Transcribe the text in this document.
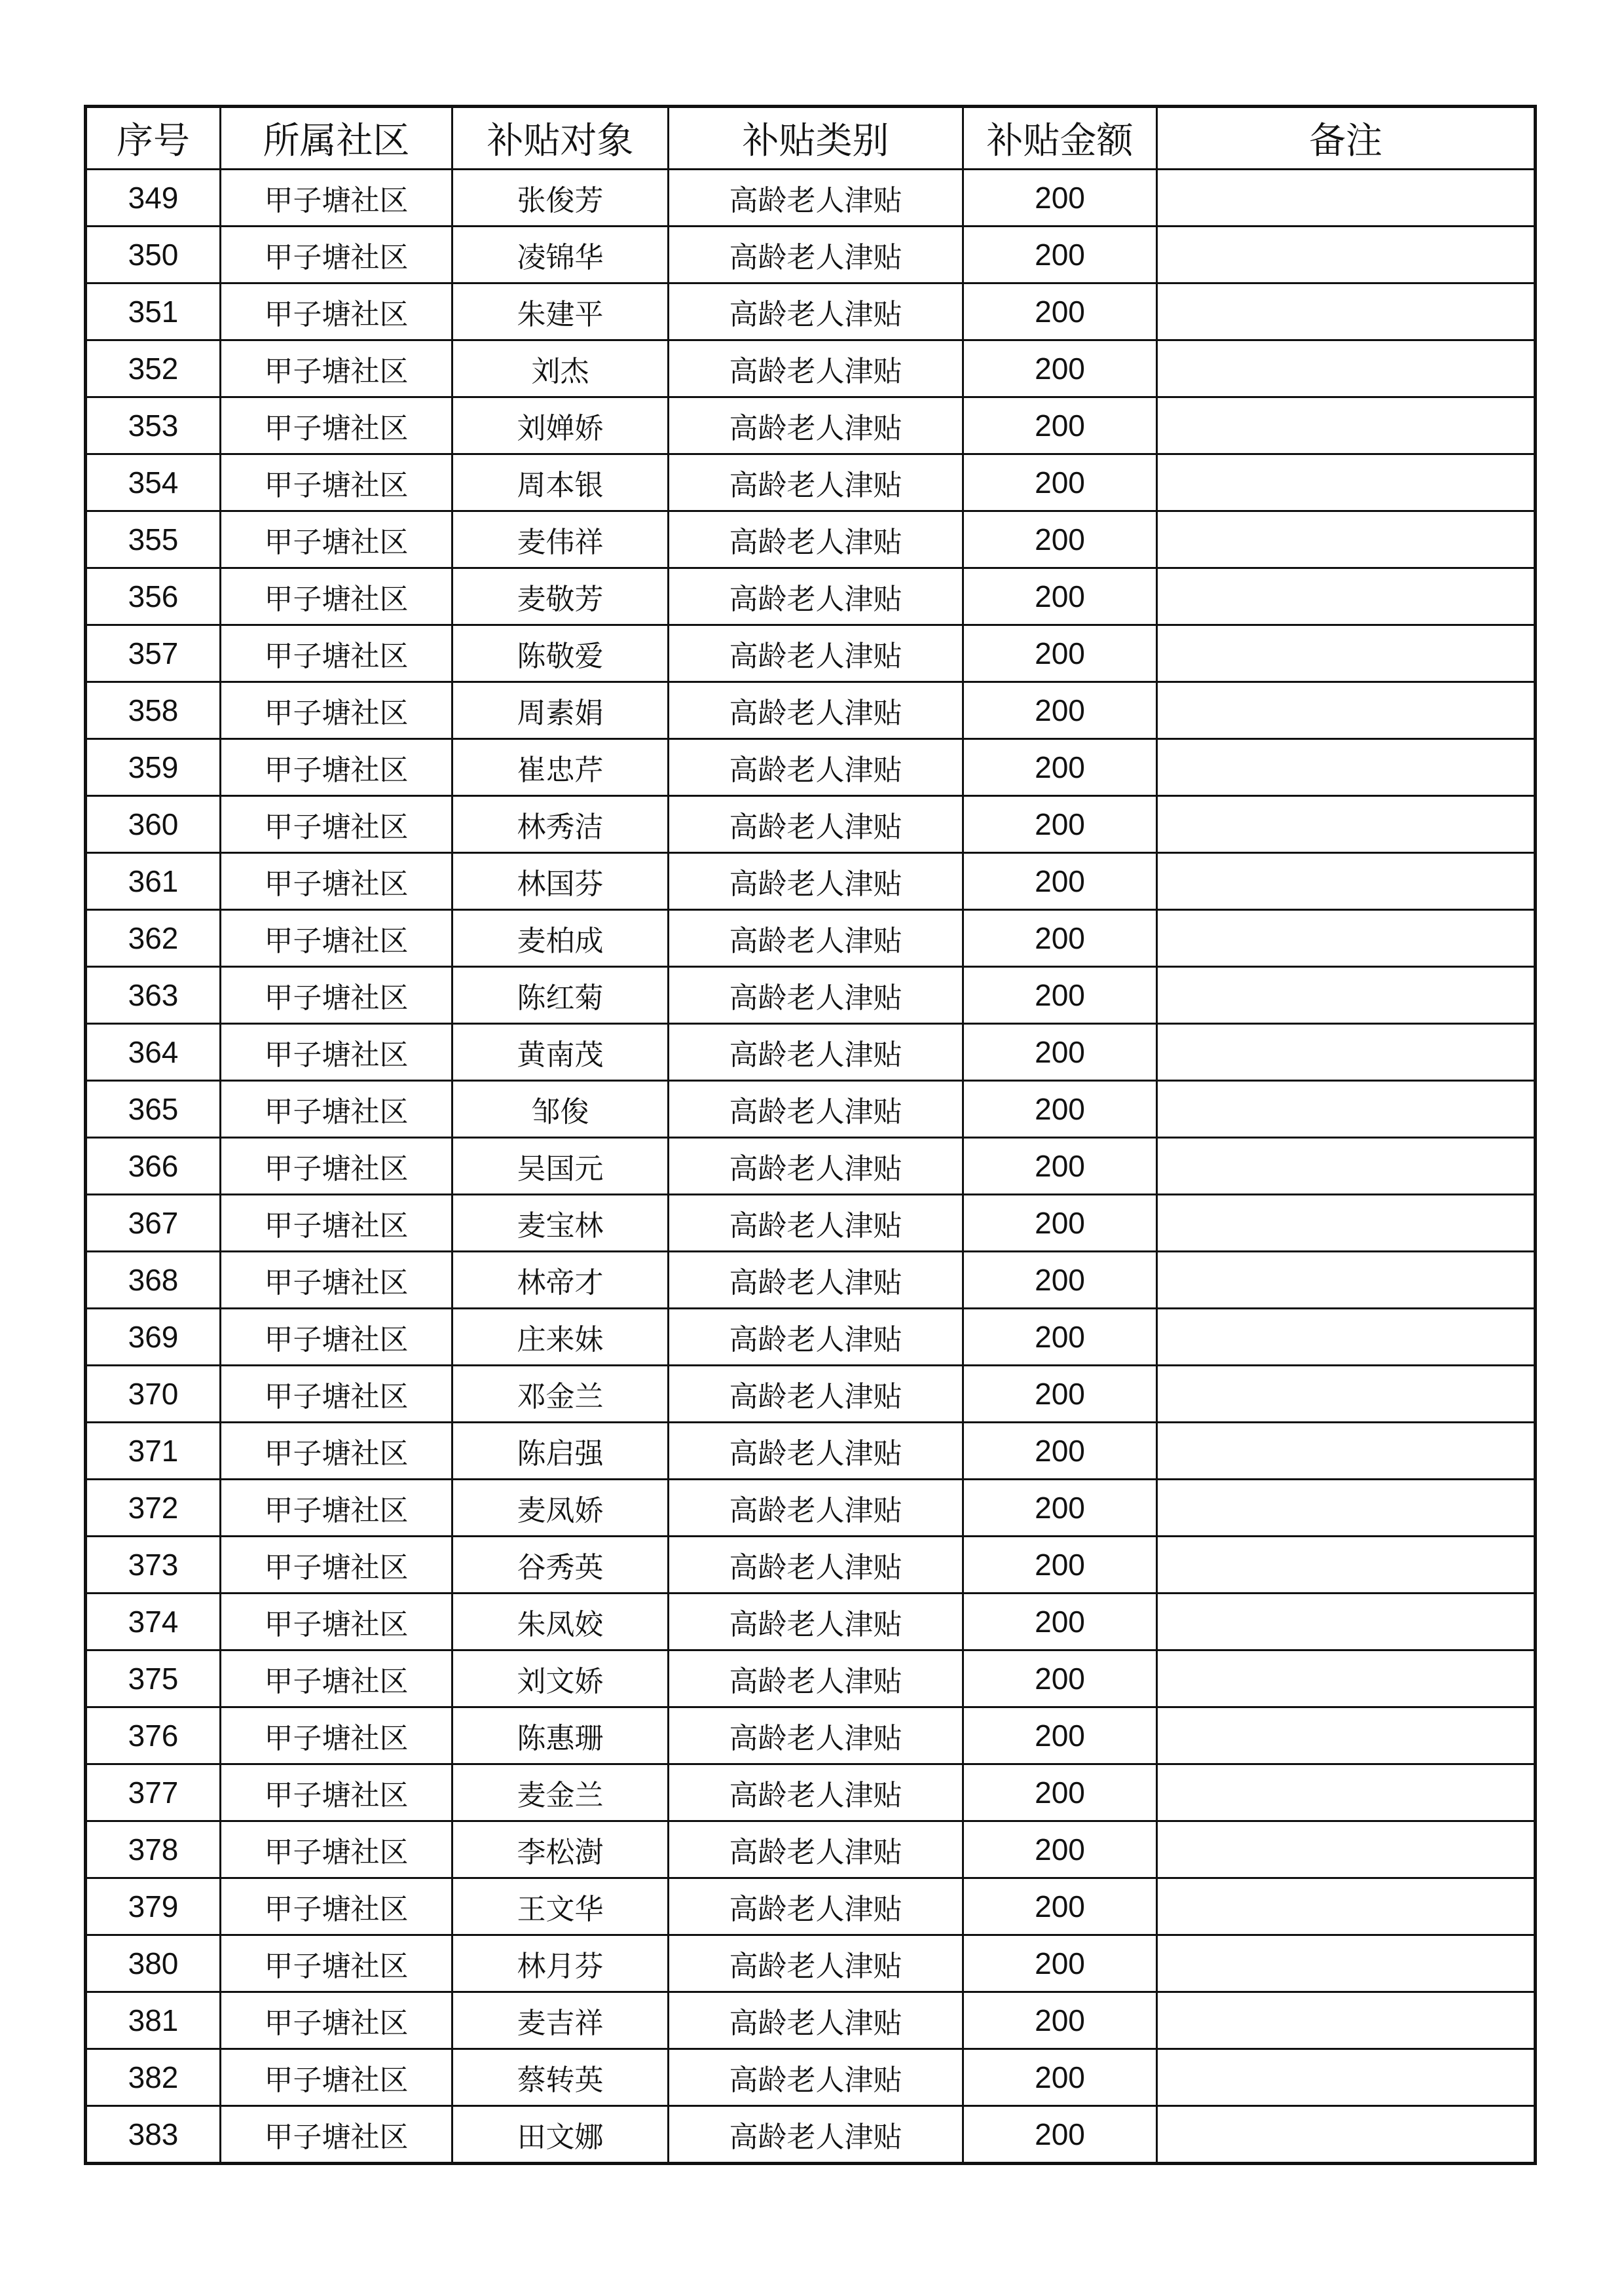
序号	所属社区	补贴对象	补贴类别	补贴金额	备注
349	甲子塘社区	张俊芳	高龄老人津贴	200	
350	甲子塘社区	凌锦华	高龄老人津贴	200	
351	甲子塘社区	朱建平	高龄老人津贴	200	
352	甲子塘社区	刘杰	高龄老人津贴	200	
353	甲子塘社区	刘婵娇	高龄老人津贴	200	
354	甲子塘社区	周本银	高龄老人津贴	200	
355	甲子塘社区	麦伟祥	高龄老人津贴	200	
356	甲子塘社区	麦敬芳	高龄老人津贴	200	
357	甲子塘社区	陈敬爱	高龄老人津贴	200	
358	甲子塘社区	周素娟	高龄老人津贴	200	
359	甲子塘社区	崔忠芹	高龄老人津贴	200	
360	甲子塘社区	林秀洁	高龄老人津贴	200	
361	甲子塘社区	林国芬	高龄老人津贴	200	
362	甲子塘社区	麦柏成	高龄老人津贴	200	
363	甲子塘社区	陈红菊	高龄老人津贴	200	
364	甲子塘社区	黄南茂	高龄老人津贴	200	
365	甲子塘社区	邹俊	高龄老人津贴	200	
366	甲子塘社区	吴国元	高龄老人津贴	200	
367	甲子塘社区	麦宝林	高龄老人津贴	200	
368	甲子塘社区	林帝才	高龄老人津贴	200	
369	甲子塘社区	庄来妹	高龄老人津贴	200	
370	甲子塘社区	邓金兰	高龄老人津贴	200	
371	甲子塘社区	陈启强	高龄老人津贴	200	
372	甲子塘社区	麦凤娇	高龄老人津贴	200	
373	甲子塘社区	谷秀英	高龄老人津贴	200	
374	甲子塘社区	朱凤姣	高龄老人津贴	200	
375	甲子塘社区	刘文娇	高龄老人津贴	200	
376	甲子塘社区	陈惠珊	高龄老人津贴	200	
377	甲子塘社区	麦金兰	高龄老人津贴	200	
378	甲子塘社区	李松澍	高龄老人津贴	200	
379	甲子塘社区	王文华	高龄老人津贴	200	
380	甲子塘社区	林月芬	高龄老人津贴	200	
381	甲子塘社区	麦吉祥	高龄老人津贴	200	
382	甲子塘社区	蔡转英	高龄老人津贴	200	
383	甲子塘社区	田文娜	高龄老人津贴	200	
